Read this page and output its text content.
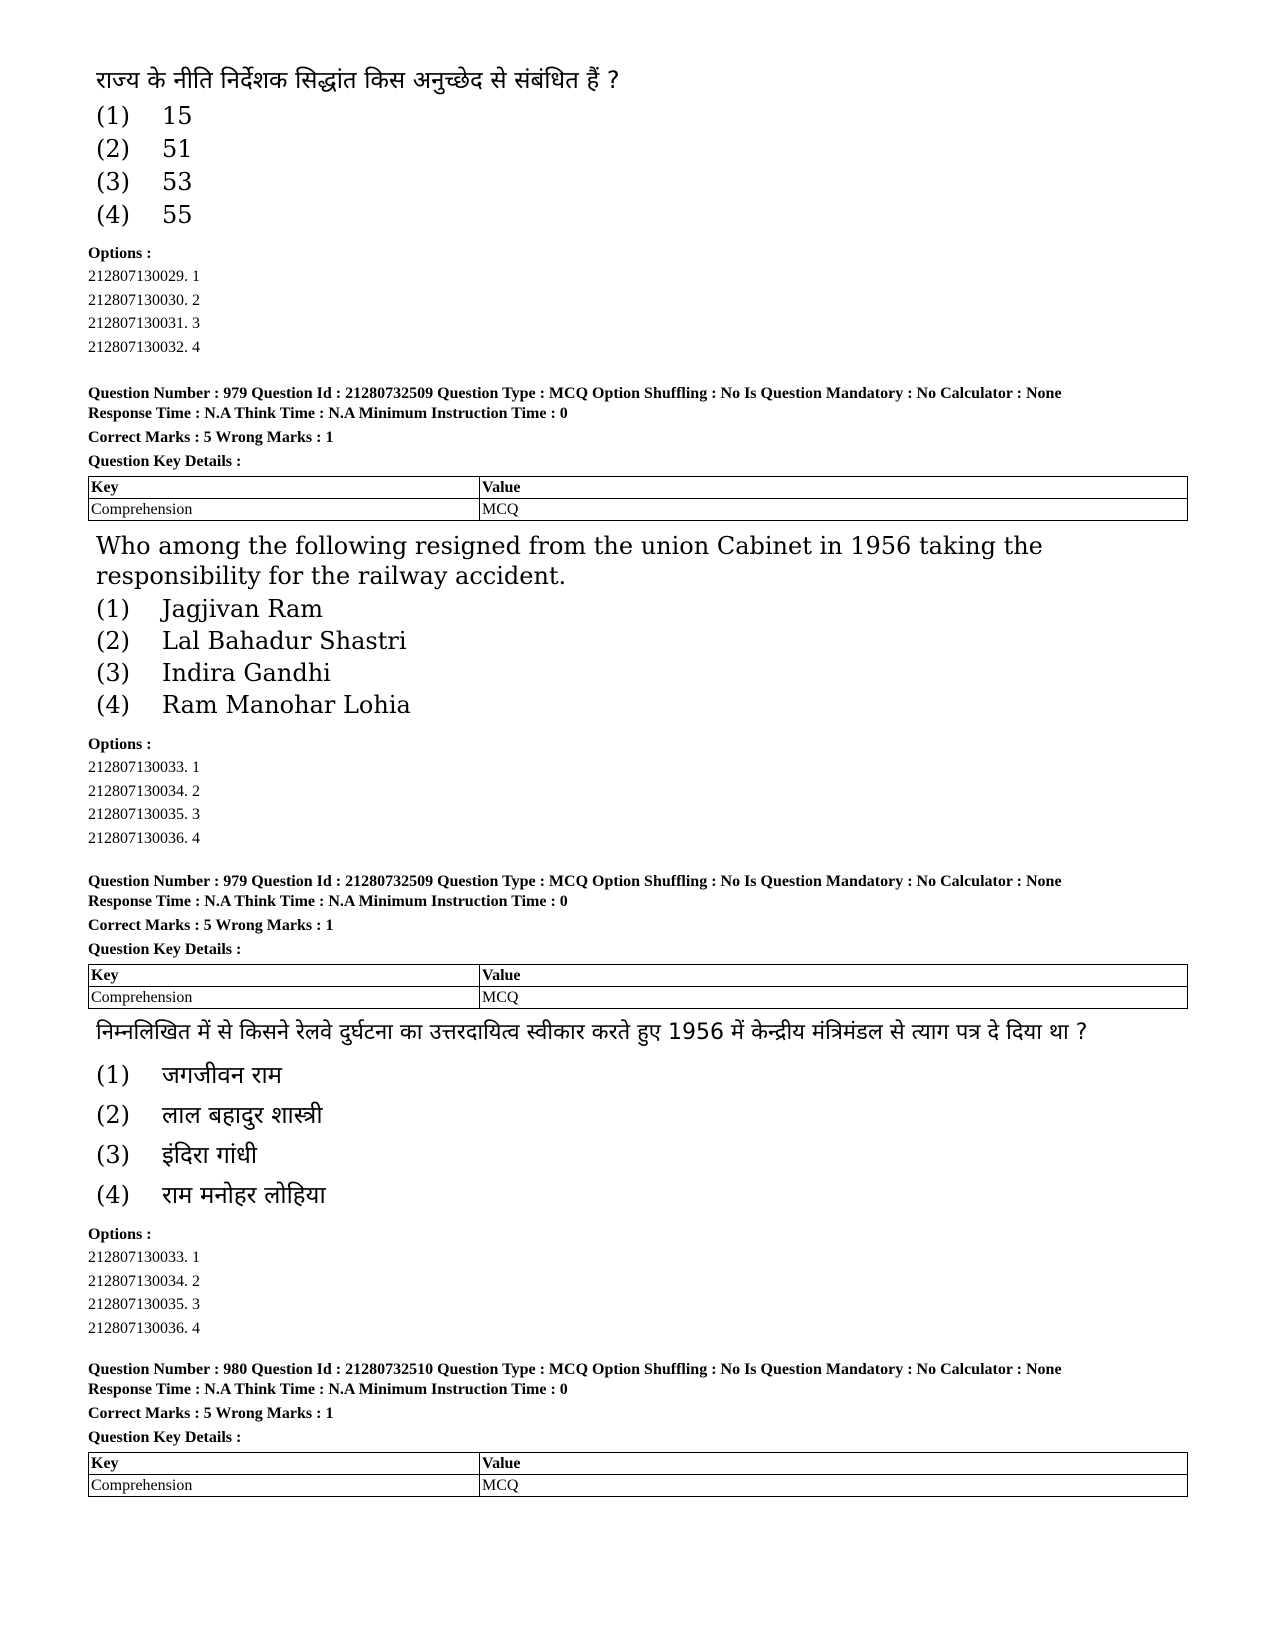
राज्य के नीति निर्देशक सिद्धांत किस अनुच्छेद से संबंधित हैं ?

(1)	15
(2)	51
(3)	53
(4)	55

Options :

212807130029. 1

212807130030. 2

212807130031. 3

212807130032. 4

Question Number : 979 Question Id : 21280732509 Question Type : MCQ Option Shuffling : No Is Question Mandatory : No Calculator : None

Response Time : N.A Think Time : N.A Minimum Instruction Time : 0

Correct Marks : 5 Wrong Marks : 1

Question Key Details :

Key	Value
Comprehension	MCQ

Who among the following resigned from the union Cabinet in 1956 taking the responsibility for the railway accident.

(1)	Jagjivan Ram
(2)	Lal Bahadur Shastri
(3)	Indira Gandhi
(4)	Ram Manohar Lohia

Options :

212807130033. 1

212807130034. 2

212807130035. 3

212807130036. 4

Question Number : 979 Question Id : 21280732509 Question Type : MCQ Option Shuffling : No Is Question Mandatory : No Calculator : None

Response Time : N.A Think Time : N.A Minimum Instruction Time : 0

Correct Marks : 5 Wrong Marks : 1

Question Key Details :

Key	Value
Comprehension	MCQ

निम्नलिखित में से किसने रेलवे दुर्घटना का उत्तरदायित्व स्वीकार करते हुए 1956 में केन्द्रीय मंत्रिमंडल से त्याग पत्र दे दिया था ?

(1)	जगजीवन राम
(2)	लाल बहादुर शास्त्री
(3)	इंदिरा गांधी
(4)	राम मनोहर लोहिया

Options :

212807130033. 1

212807130034. 2

212807130035. 3

212807130036. 4

Question Number : 980 Question Id : 21280732510 Question Type : MCQ Option Shuffling : No Is Question Mandatory : No Calculator : None

Response Time : N.A Think Time : N.A Minimum Instruction Time : 0

Correct Marks : 5 Wrong Marks : 1

Question Key Details :

Key	Value
Comprehension	MCQ
